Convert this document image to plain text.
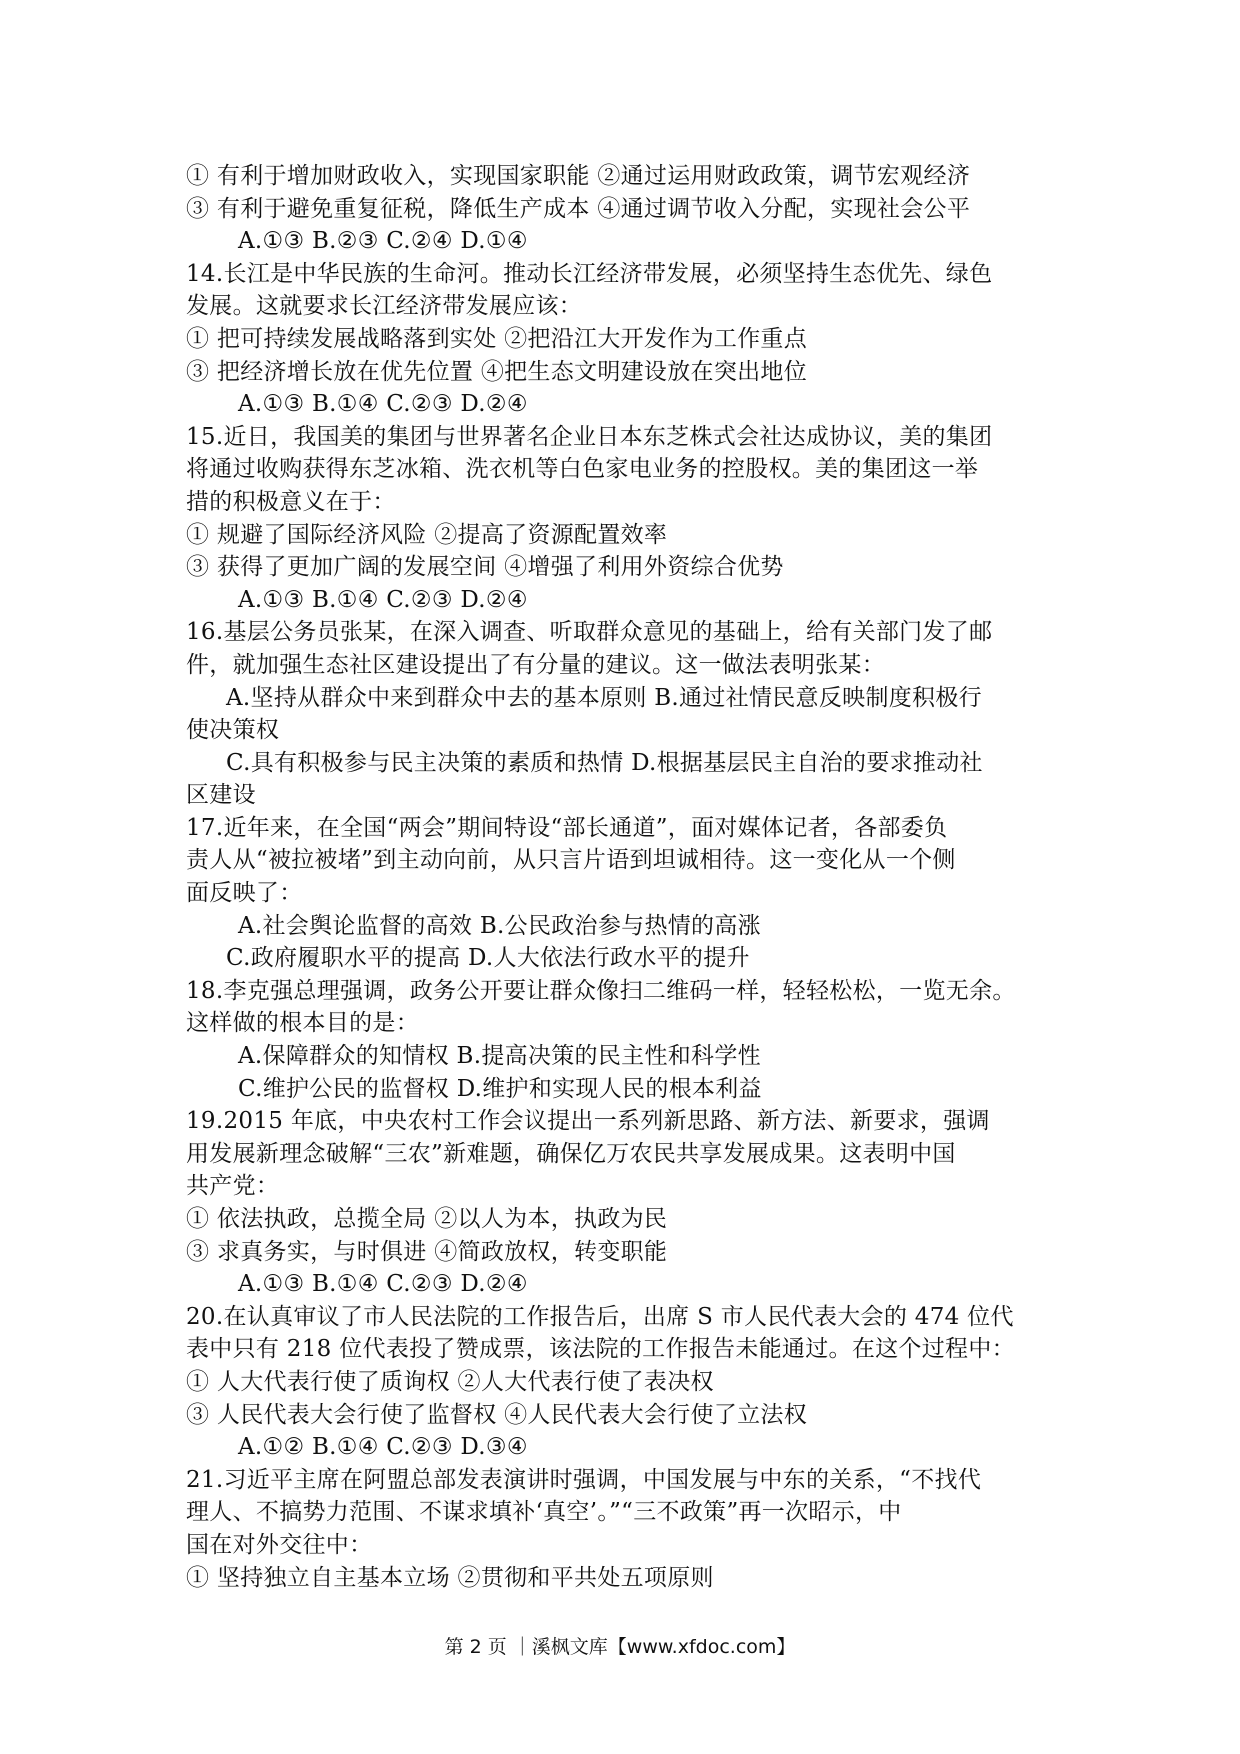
① 有利于增加财政收入，实现国家职能 ②通过运用财政政策，调节宏观经济
③ 有利于避免重复征税，降低生产成本 ④通过调节收入分配，实现社会公平
A.①③ B.②③ C.②④ D.①④
14.长江是中华民族的生命河。推动长江经济带发展，必须坚持生态优先、绿色
发展。这就要求长江经济带发展应该：
① 把可持续发展战略落到实处 ②把沿江大开发作为工作重点
③ 把经济增长放在优先位置 ④把生态文明建设放在突出地位
A.①③ B.①④ C.②③ D.②④
15.近日，我国美的集团与世界著名企业日本东芝株式会社达成协议，美的集团
将通过收购获得东芝冰箱、洗衣机等白色家电业务的控股权。美的集团这一举
措的积极意义在于：
① 规避了国际经济风险 ②提高了资源配置效率
③ 获得了更加广阔的发展空间 ④增强了利用外资综合优势
A.①③ B.①④ C.②③ D.②④
16.基层公务员张某，在深入调查、听取群众意见的基础上，给有关部门发了邮
件，就加强生态社区建设提出了有分量的建议。这一做法表明张某：
A.坚持从群众中来到群众中去的基本原则 B.通过社情民意反映制度积极行
使决策权
C.具有积极参与民主决策的素质和热情 D.根据基层民主自治的要求推动社
区建设
17.近年来，在全国“两会”期间特设“部长通道”，面对媒体记者，各部委负
责人从“被拉被堵”到主动向前，从只言片语到坦诚相待。这一变化从一个侧
面反映了：
A.社会舆论监督的高效 B.公民政治参与热情的高涨
C.政府履职水平的提高 D.人大依法行政水平的提升
18.李克强总理强调，政务公开要让群众像扫二维码一样，轻轻松松，一览无余。
这样做的根本目的是：
A.保障群众的知情权 B.提高决策的民主性和科学性
C.维护公民的监督权 D.维护和实现人民的根本利益
19.2015 年底，中央农村工作会议提出一系列新思路、新方法、新要求，强调
用发展新理念破解“三农”新难题，确保亿万农民共享发展成果。这表明中国
共产党：
① 依法执政，总揽全局 ②以人为本，执政为民
③ 求真务实，与时俱进 ④简政放权，转变职能
A.①③ B.①④ C.②③ D.②④
20.在认真审议了市人民法院的工作报告后，出席 S 市人民代表大会的 474 位代
表中只有 218 位代表投了赞成票，该法院的工作报告未能通过。在这个过程中：
① 人大代表行使了质询权 ②人大代表行使了表决权
③ 人民代表大会行使了监督权 ④人民代表大会行使了立法权
A.①② B.①④ C.②③ D.③④
21.习近平主席在阿盟总部发表演讲时强调，中国发展与中东的关系，“不找代
理人、不搞势力范围、不谋求填补‘真空’。”“三不政策”再一次昭示，中
国在对外交往中：
① 坚持独立自主基本立场 ②贯彻和平共处五项原则
第 2 页 ｜溪枫文库【www.xfdoc.com】
